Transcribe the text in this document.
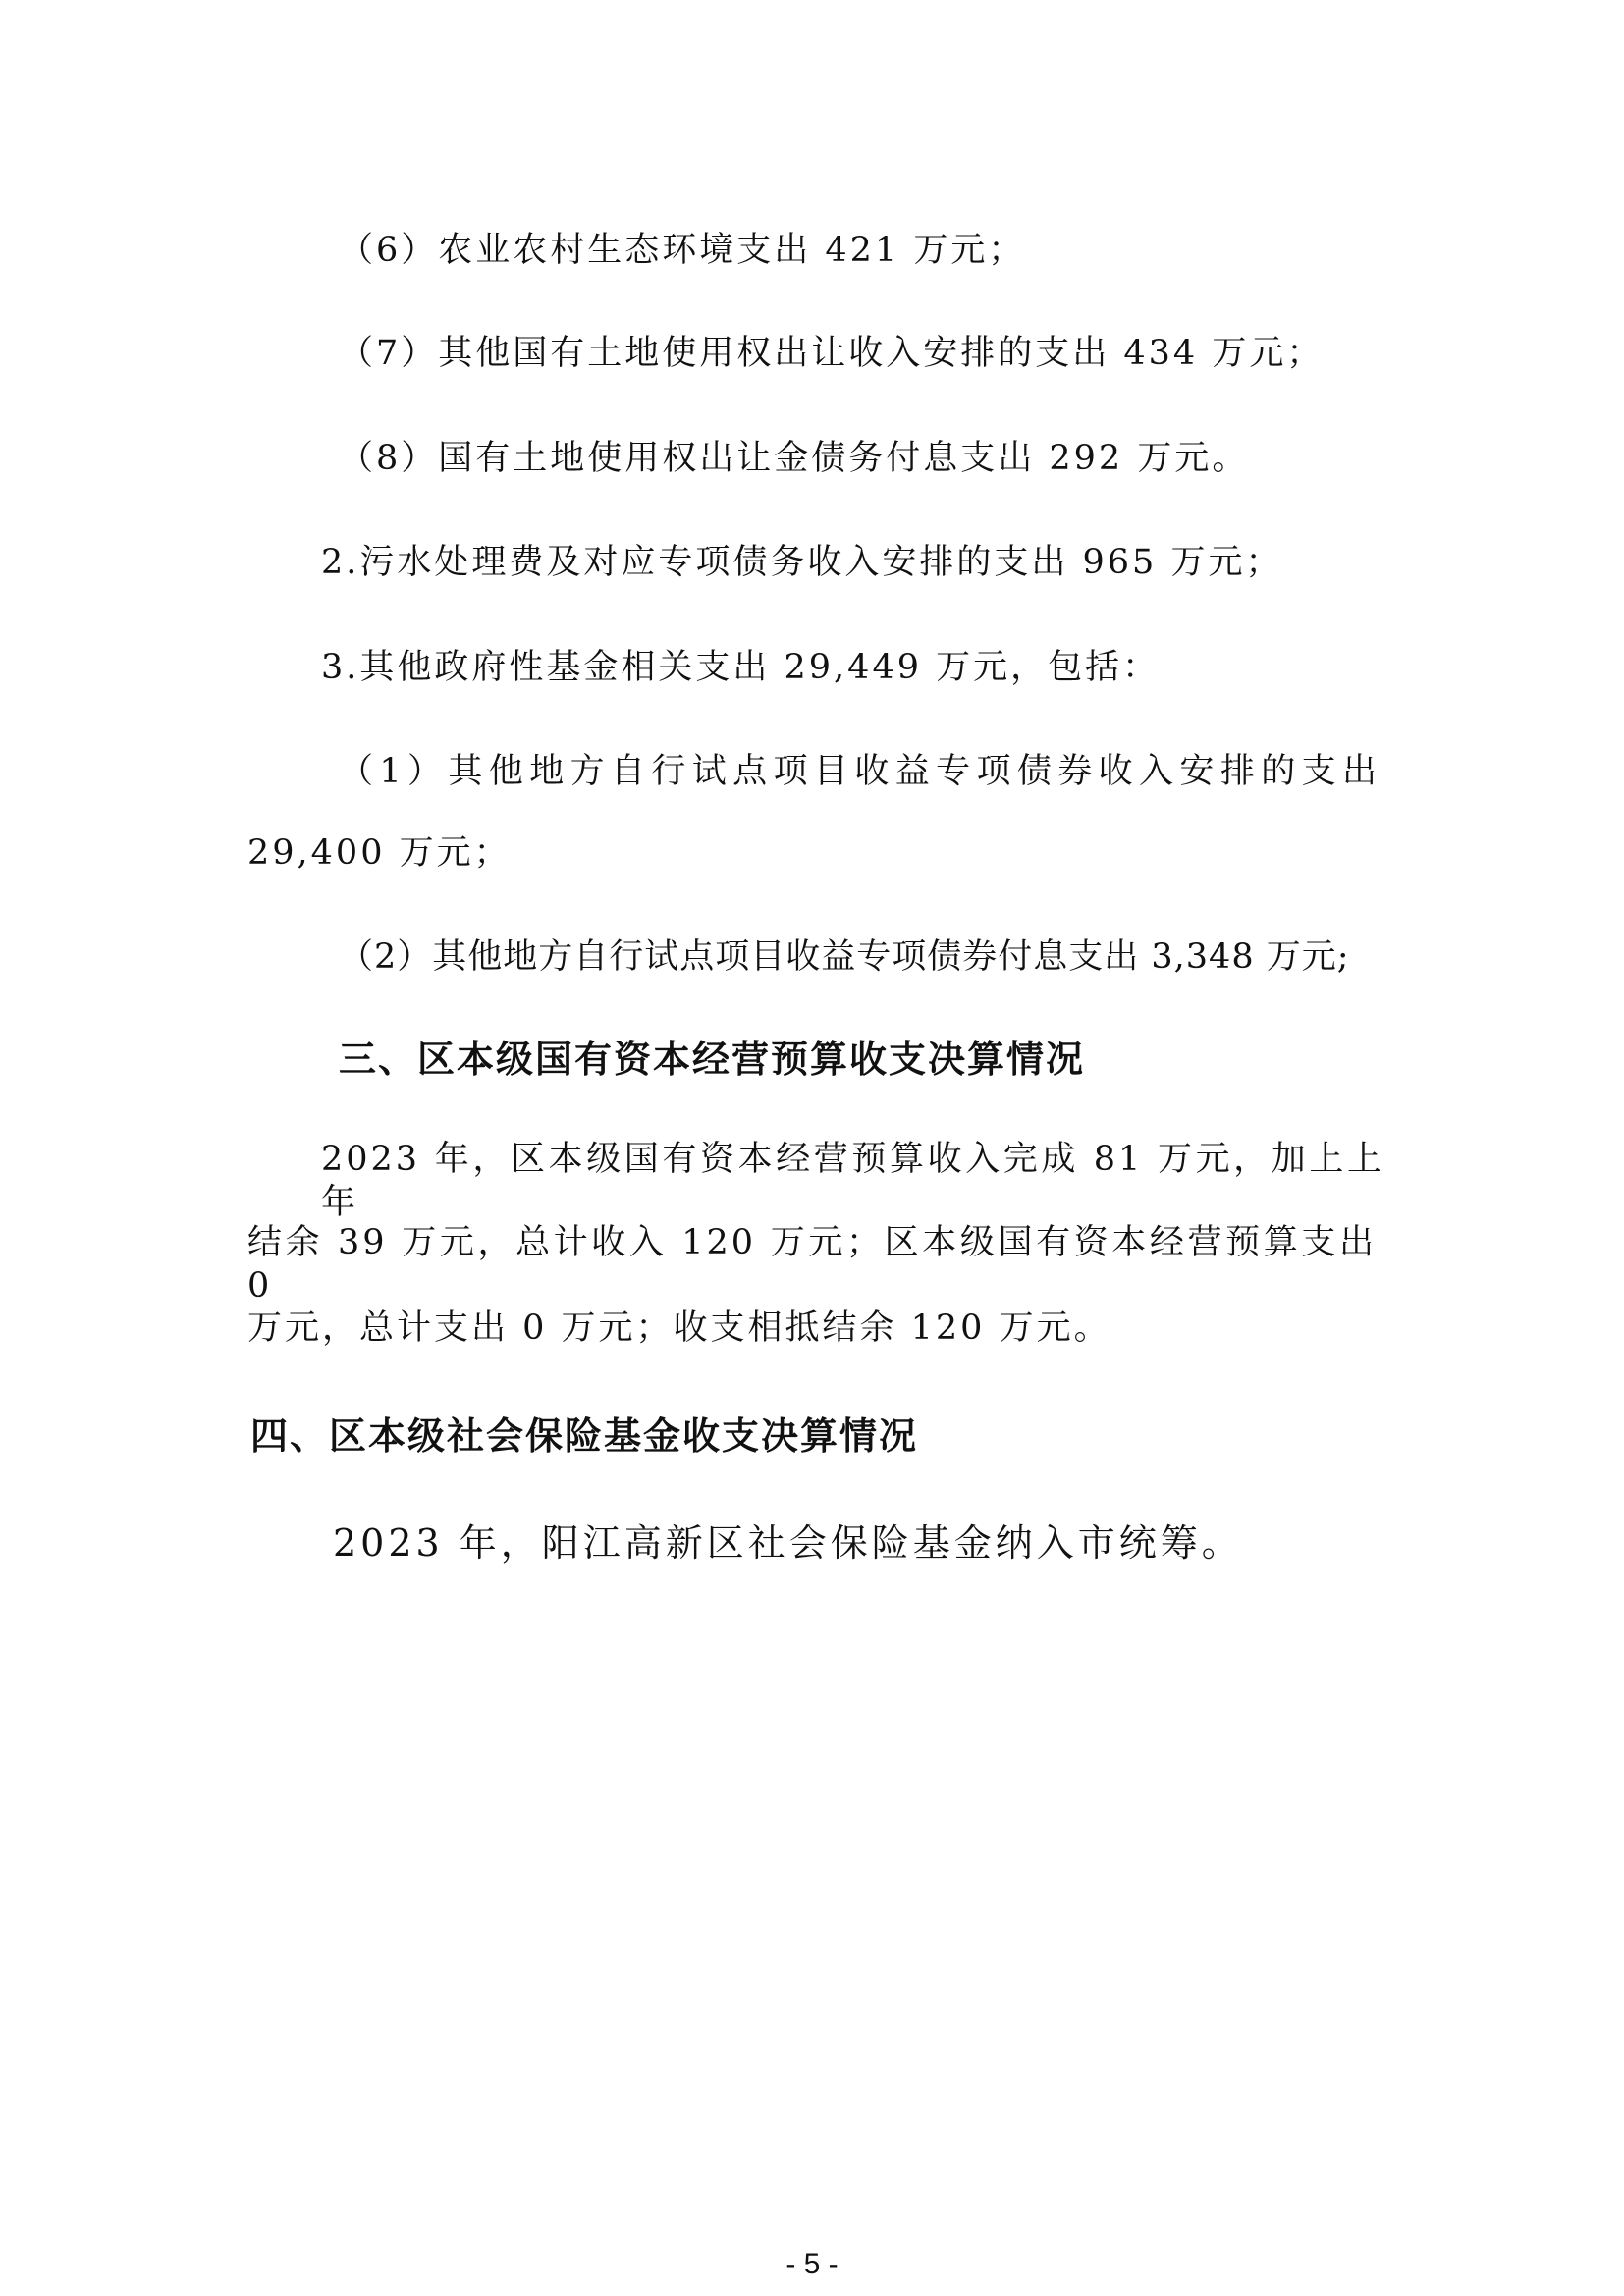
（6）农业农村生态环境支出 421 万元；
（7）其他国有土地使用权出让收入安排的支出 434 万元；
（8）国有土地使用权出让金债务付息支出 292 万元。
2.污水处理费及对应专项债务收入安排的支出 965 万元；
3.其他政府性基金相关支出 29,449 万元，包括：
（1）其他地方自行试点项目收益专项债券收入安排的支出
29,400 万元；
（2）其他地方自行试点项目收益专项债券付息支出 3,348 万元;
三、区本级国有资本经营预算收支决算情况
2023 年，区本级国有资本经营预算收入完成 81 万元，加上上年
结余 39 万元，总计收入 120 万元；区本级国有资本经营预算支出 0
万元，总计支出 0 万元；收支相抵结余 120 万元。
四、区本级社会保险基金收支决算情况
2023 年，阳江高新区社会保险基金纳入市统筹。
- 5 -
